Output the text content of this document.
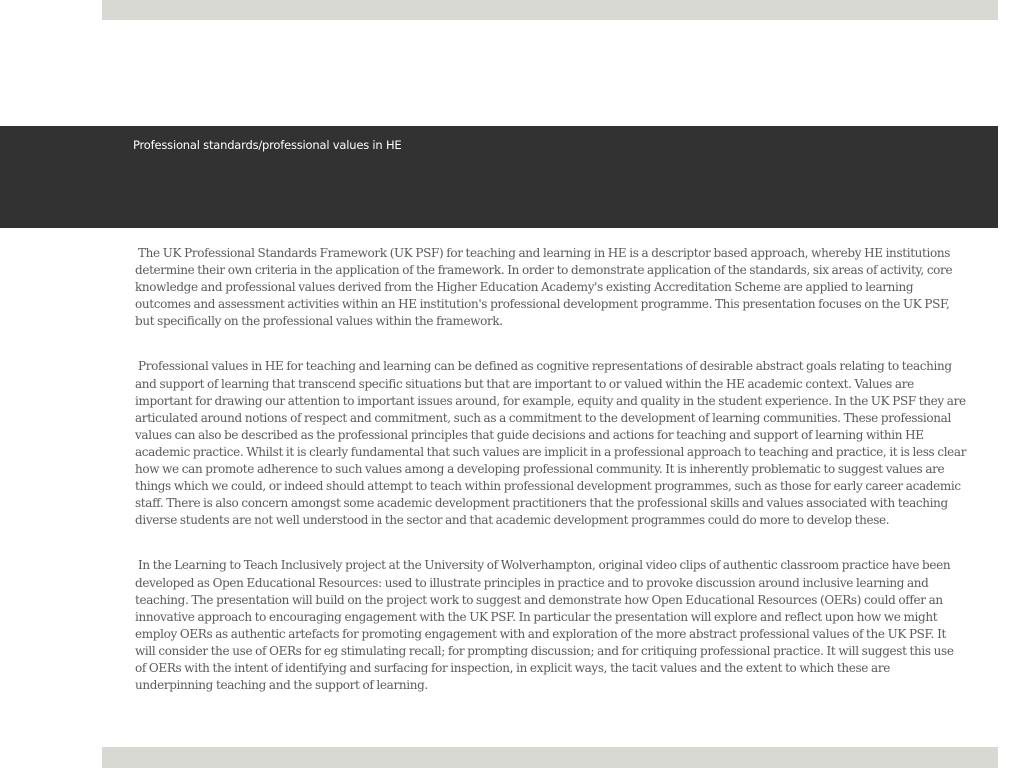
Professional standards/professional values in HE

The UK Professional Standards Framework (UK PSF) for teaching and learning in HE is a descriptor based approach, whereby HE institutions determine their own criteria in the application of the framework. In order to demonstrate application of the standards, six areas of activity, core knowledge and professional values derived from the Higher Education Academy's existing Accreditation Scheme are applied to learning outcomes and assessment activities within an HE institution's professional development programme. This presentation focuses on the UK PSF, but specifically on the professional values within the framework.

Professional values in HE for teaching and learning can be defined as cognitive representations of desirable abstract goals relating to teaching and support of learning that transcend specific situations but that are important to or valued within the HE academic context. Values are important for drawing our attention to important issues around, for example, equity and quality in the student experience. In the UK PSF they are articulated around notions of respect and commitment, such as a commitment to the development of learning communities. These professional values can also be described as the professional principles that guide decisions and actions for teaching and support of learning within HE academic practice. Whilst it is clearly fundamental that such values are implicit in a professional approach to teaching and practice, it is less clear how we can promote adherence to such values among a developing professional community. It is inherently problematic to suggest values are things which we could, or indeed should attempt to teach within professional development programmes, such as those for early career academic staff. There is also concern amongst some academic development practitioners that the professional skills and values associated with teaching diverse students are not well understood in the sector and that academic development programmes could do more to develop these.

In the Learning to Teach Inclusively project at the University of Wolverhampton, original video clips of authentic classroom practice have been developed as Open Educational Resources: used to illustrate principles in practice and to provoke discussion around inclusive learning and teaching. The presentation will build on the project work to suggest and demonstrate how Open Educational Resources (OERs) could offer an innovative approach to encouraging engagement with the UK PSF. In particular the presentation will explore and reflect upon how we might employ OERs as authentic artefacts for promoting engagement with and exploration of the more abstract professional values of the UK PSF. It will consider the use of OERs for eg stimulating recall; for prompting discussion; and for critiquing professional practice. It will suggest this use of OERs with the intent of identifying and surfacing for inspection, in explicit ways, the tacit values and the extent to which these are underpinning teaching and the support of learning.
